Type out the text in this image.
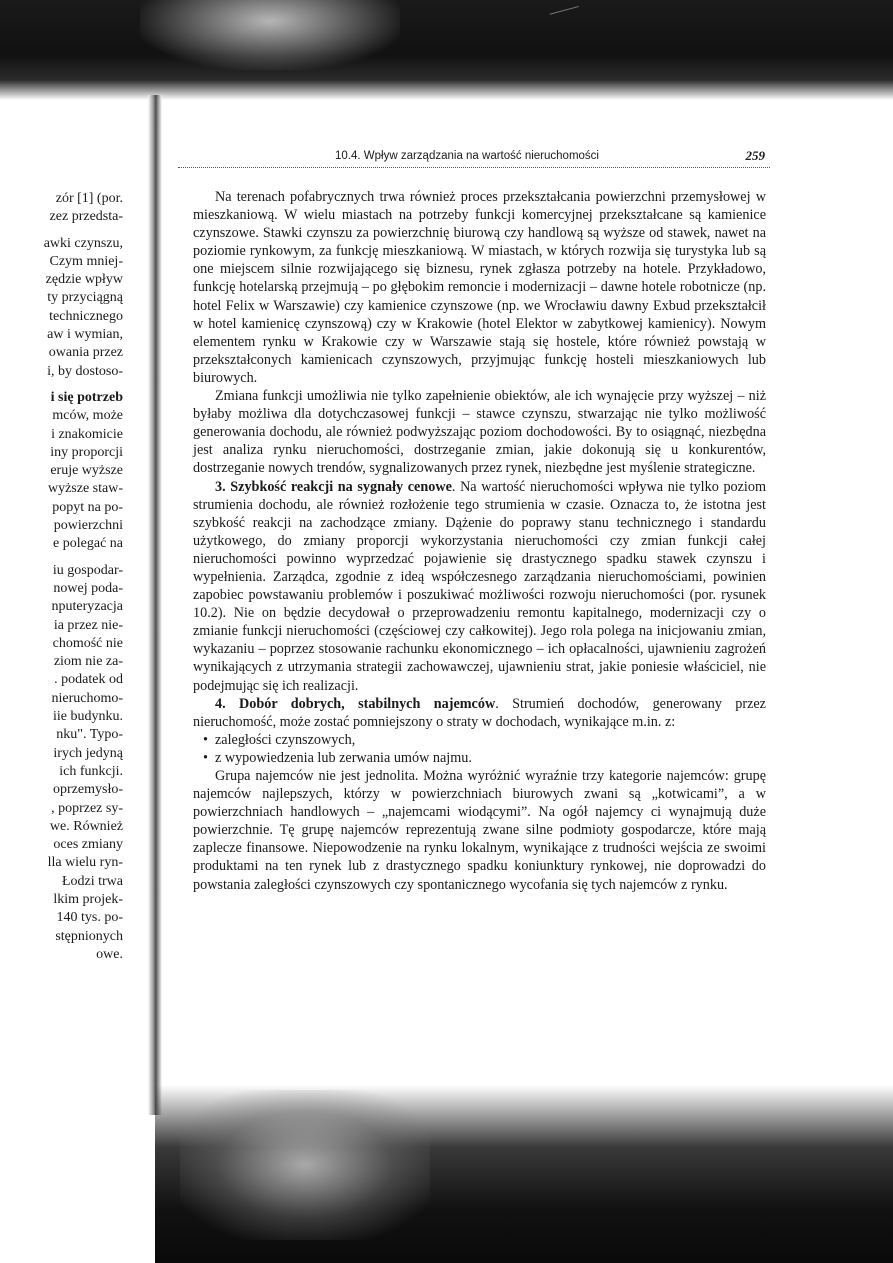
10.4. Wpływ zarządzania na wartość nieruchomości	259
zór [1] (por.
zez przedsta-
awki czynszu,
Czym mniej-
zędzie wpływ
ty przyciągną
technicznego
aw i wymian,
owania przez
i, by dostoso-
i się potrzeb
mców, może
i znakomicie
iny proporcji
eruje wyższe
wyższe staw-
popyt na po-
powierzchni
e polegać na
iu gospodar-
nowej poda-
nputeryzacja
ia przez nie-
chomość nie
ziom nie za-
. podatek od
nieruchomo-
iie budynku.
nku". Typo-
irych jedyną
ich funkcji.
oprzemysło-
, poprzez sy-
we. Również
oces zmiany
lla wielu ryn-
Łodzi trwa
lkim projek-
140 tys. po-
stępnionych
owe.

Na terenach pofabrycznych trwa również proces przekształcania powierzchni przemysłowej w mieszkaniową. W wielu miastach na potrzeby funkcji komercyjnej przekształcane są kamienice czynszowe. Stawki czynszu za powierzchnię biurową czy handlową są wyższe od stawek, nawet na poziomie rynkowym, za funkcję mieszkaniową. W miastach, w których rozwija się turystyka lub są one miejscem silnie rozwijającego się biznesu, rynek zgłasza potrzeby na hotele. Przykładowo, funkcję hotelarską przejmują – po głębokim remoncie i modernizacji – dawne hotele robotnicze (np. hotel Felix w Warszawie) czy kamienice czynszowe (np. we Wrocławiu dawny Exbud przekształcił w hotel kamienicę czynszową) czy w Krakowie (hotel Elektor w zabytkowej kamienicy). Nowym elementem rynku w Krakowie czy w Warszawie stają się hostele, które również powstają w przekształconych kamienicach czynszowych, przyjmując funkcję hosteli mieszkaniowych lub biurowych.

Zmiana funkcji umożliwia nie tylko zapełnienie obiektów, ale ich wynajęcie przy wyższej – niż byłaby możliwa dla dotychczasowej funkcji – stawce czynszu, stwarzając nie tylko możliwość generowania dochodu, ale również podwyższając poziom dochodowości. By to osiągnąć, niezbędna jest analiza rynku nieruchomości, dostrzeganie zmian, jakie dokonują się u konkurentów, dostrzeganie nowych trendów, sygnalizowanych przez rynek, niezbędne jest myślenie strategiczne.

3. Szybkość reakcji na sygnały cenowe. Na wartość nieruchomości wpływa nie tylko poziom strumienia dochodu, ale również rozłożenie tego strumienia w czasie. Oznacza to, że istotna jest szybkość reakcji na zachodzące zmiany. Dążenie do poprawy stanu technicznego i standardu użytkowego, do zmiany proporcji wykorzystania nieruchomości czy zmian funkcji całej nieruchomości powinno wyprzedzać pojawienie się drastycznego spadku stawek czynszu i wypełnienia. Zarządca, zgodnie z ideą współczesnego zarządzania nieruchomościami, powinien zapobiec powstawaniu problemów i poszukiwać możliwości rozwoju nieruchomości (por. rysunek 10.2). Nie on będzie decydował o przeprowadzeniu remontu kapitalnego, modernizacji czy o zmianie funkcji nieruchomości (częściowej czy całkowitej). Jego rola polega na inicjowaniu zmian, wykazaniu – poprzez stosowanie rachunku ekonomicznego – ich opłacalności, ujawnieniu zagrożeń wynikających z utrzymania strategii zachowawczej, ujawnieniu strat, jakie poniesie właściciel, nie podejmując się ich realizacji.

4. Dobór dobrych, stabilnych najemców. Strumień dochodów, generowany przez nieruchomość, może zostać pomniejszony o straty w dochodach, wynikające m.in. z:

• zaległości czynszowych,
• z wypowiedzenia lub zerwania umów najmu.

Grupa najemców nie jest jednolita. Można wyróżnić wyraźnie trzy kategorie najemców: grupę najemców najlepszych, którzy w powierzchniach biurowych zwani są „kotwicami”, a w powierzchniach handlowych – „najemcami wiodącymi”. Na ogół najemcy ci wynajmują duże powierzchnie. Tę grupę najemców reprezentują zwane silne podmioty gospodarcze, które mają zaplecze finansowe. Niepowodzenie na rynku lokalnym, wynikające z trudności wejścia ze swoimi produktami na ten rynek lub z drastycznego spadku koniunktury rynkowej, nie doprowadzi do powstania zaległości czynszowych czy spontanicznego wycofania się tych najemców z rynku.
